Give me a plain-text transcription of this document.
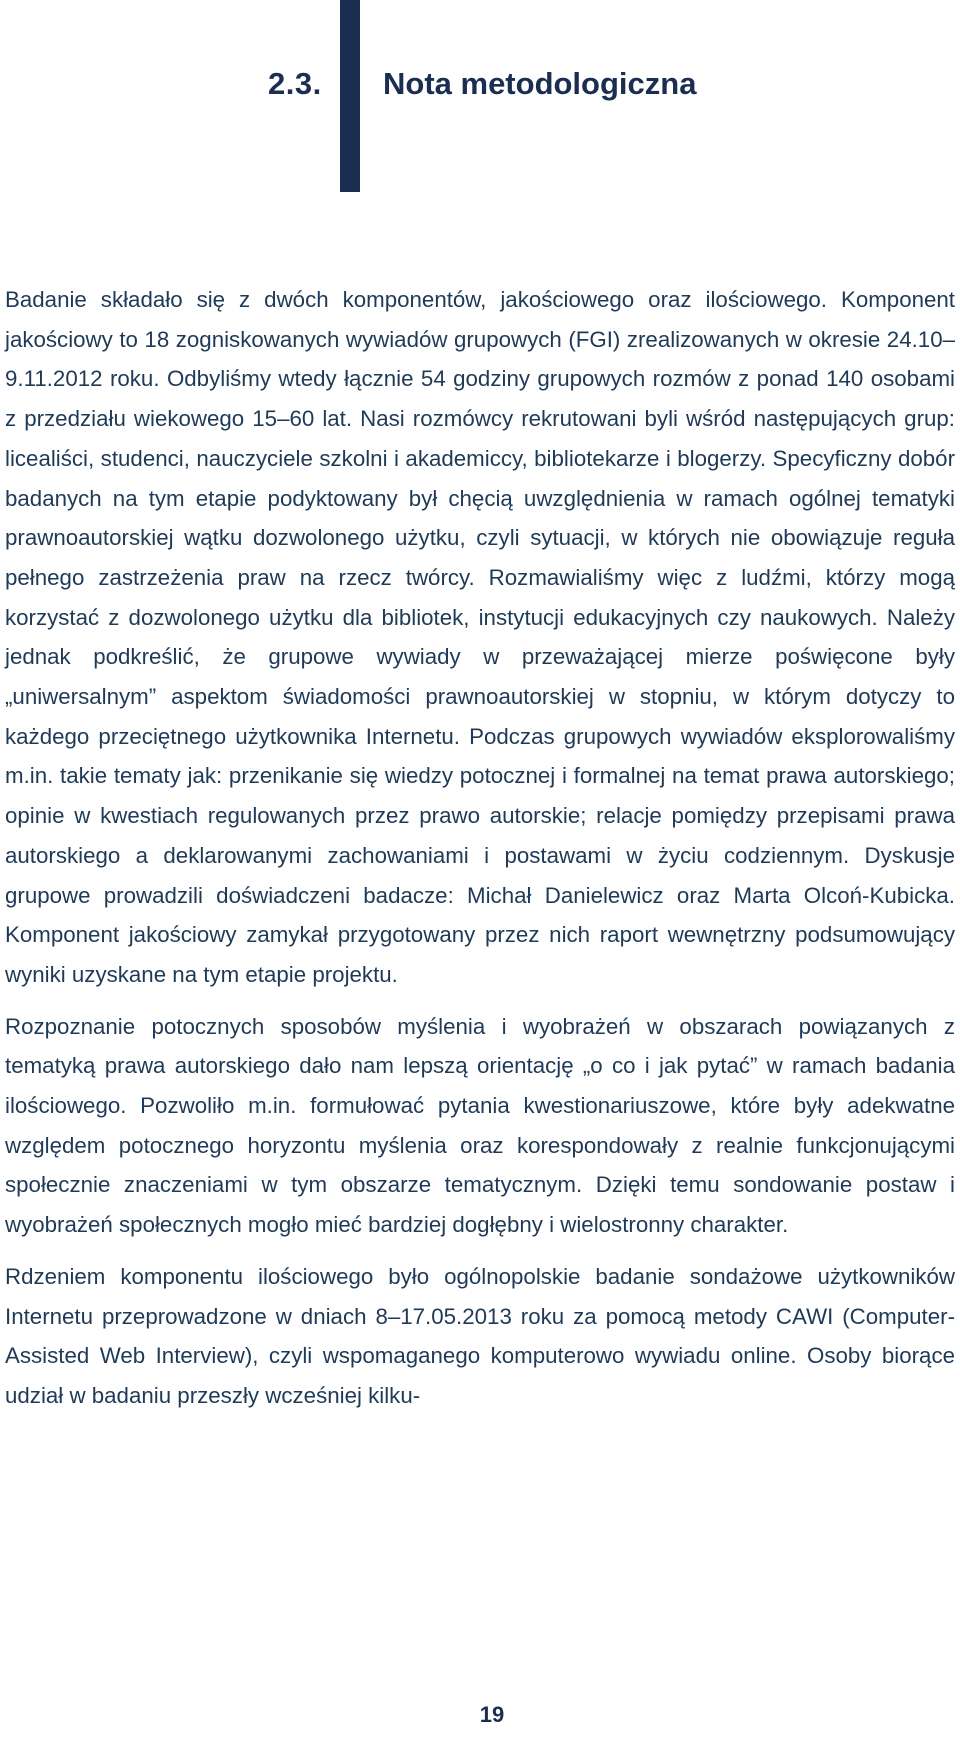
2.3. Nota metodologiczna

Badanie składało się z dwóch komponentów, jakościowego oraz ilościowego. Komponent jakościowy to 18 zogniskowanych wywiadów grupowych (FGI) zrealizowanych w okresie 24.10–9.11.2012 roku. Odbyliśmy wtedy łącznie 54 godziny grupowych rozmów z ponad 140 osobami z przedziału wiekowego 15–60 lat. Nasi rozmówcy rekrutowani byli wśród następujących grup: licealiści, studenci, nauczyciele szkolni i akademiccy, bibliotekarze i blogerzy. Specyficzny dobór badanych na tym etapie podyktowany był chęcią uwzględnienia w ramach ogólnej tematyki prawnoautorskiej wątku dozwolonego użytku, czyli sytuacji, w których nie obowiązuje reguła pełnego zastrzeżenia praw na rzecz twórcy. Rozmawialiśmy więc z ludźmi, którzy mogą korzystać z dozwolonego użytku dla bibliotek, instytucji edukacyjnych czy naukowych. Należy jednak podkreślić, że grupowe wywiady w przeważającej mierze poświęcone były „uniwersalnym” aspektom świadomości prawnoautorskiej w stopniu, w którym dotyczy to każdego przeciętnego użytkownika Internetu. Podczas grupowych wywiadów eksplorowaliśmy m.in. takie tematy jak: przenikanie się wiedzy potocznej i formalnej na temat prawa autorskiego; opinie w kwestiach regulowanych przez prawo autorskie; relacje pomiędzy przepisami prawa autorskiego a deklarowanymi zachowaniami i postawami w życiu codziennym. Dyskusje grupowe prowadzili doświadczeni badacze: Michał Danielewicz oraz Marta Olcoń-Kubicka. Komponent jakościowy zamykał przygotowany przez nich raport wewnętrzny podsumowujący wyniki uzyskane na tym etapie projektu.

Rozpoznanie potocznych sposobów myślenia i wyobrażeń w obszarach powiązanych z tematyką prawa autorskiego dało nam lepszą orientację „o co i jak pytać” w ramach badania ilościowego. Pozwoliło m.in. formułować pytania kwestionariuszowe, które były adekwatne względem potocznego horyzontu myślenia oraz korespondowały z realnie funkcjonującymi społecznie znaczeniami w tym obszarze tematycznym. Dzięki temu sondowanie postaw i wyobrażeń społecznych mogło mieć bardziej dogłębny i wielostronny charakter.

Rdzeniem komponentu ilościowego było ogólnopolskie badanie sondażowe użytkowników Internetu przeprowadzone w dniach 8–17.05.2013 roku za pomocą metody CAWI (Computer-Assisted Web Interview), czyli wspomaganego komputerowo wywiadu online. Osoby biorące udział w badaniu przeszły wcześniej kilku-

19
